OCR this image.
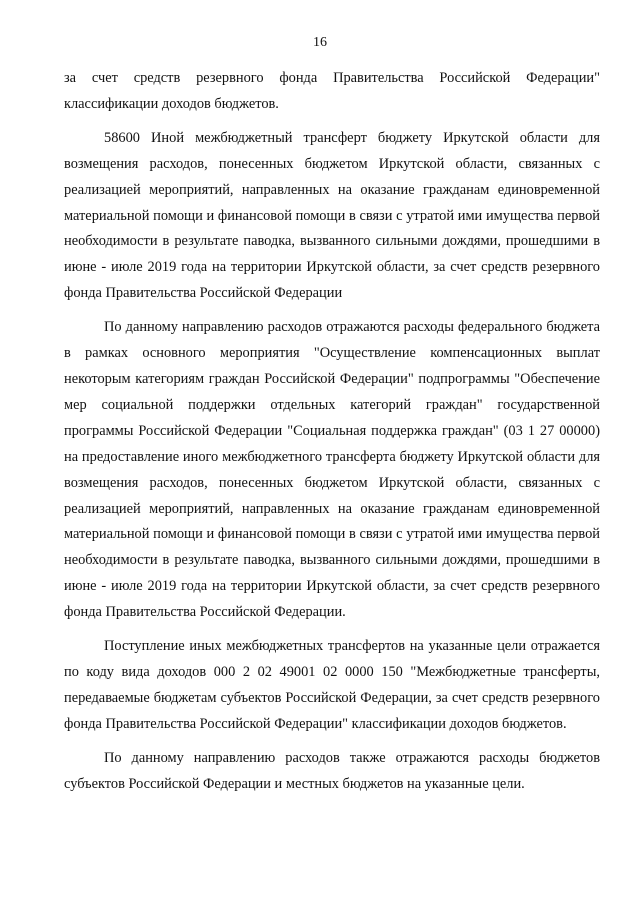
16

за счет средств резервного фонда Правительства Российской Федерации" классификации доходов бюджетов.

58600 Иной межбюджетный трансферт бюджету Иркутской области для возмещения расходов, понесенных бюджетом Иркутской области, связанных с реализацией мероприятий, направленных на оказание гражданам единовременной материальной помощи и финансовой помощи в связи с утратой ими имущества первой необходимости в результате паводка, вызванного сильными дождями, прошедшими в июне - июле 2019 года на территории Иркутской области, за счет средств резервного фонда Правительства Российской Федерации

По данному направлению расходов отражаются расходы федерального бюджета в рамках основного мероприятия "Осуществление компенсационных выплат некоторым категориям граждан Российской Федерации" подпрограммы "Обеспечение мер социальной поддержки отдельных категорий граждан" государственной программы Российской Федерации "Социальная поддержка граждан" (03 1 27 00000) на предоставление иного межбюджетного трансферта бюджету Иркутской области для возмещения расходов, понесенных бюджетом Иркутской области, связанных с реализацией мероприятий, направленных на оказание гражданам единовременной материальной помощи и финансовой помощи в связи с утратой ими имущества первой необходимости в результате паводка, вызванного сильными дождями, прошедшими в июне - июле 2019 года на территории Иркутской области, за счет средств резервного фонда Правительства Российской Федерации.

Поступление иных межбюджетных трансфертов на указанные цели отражается по коду вида доходов 000 2 02 49001 02 0000 150 "Межбюджетные трансферты, передаваемые бюджетам субъектов Российской Федерации, за счет средств резервного фонда Правительства Российской Федерации" классификации доходов бюджетов.

По данному направлению расходов также отражаются расходы бюджетов субъектов Российской Федерации и местных бюджетов на указанные цели.
